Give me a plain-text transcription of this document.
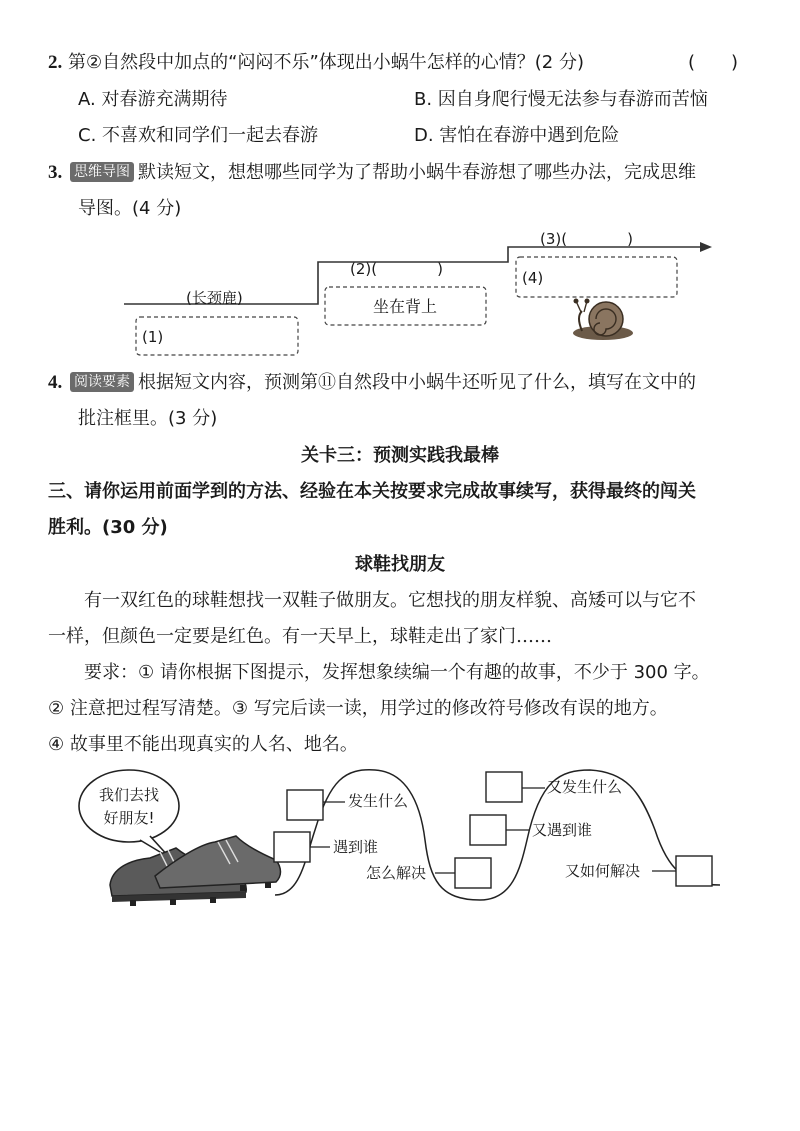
2. 第②自然段中加点的“闷闷不乐”体现出小蜗牛怎样的心情？(2 分)	(　　)
A. 对春游充满期待	B. 因自身爬行慢无法参与春游而苦恼
C. 不喜欢和同学们一起去春游	D. 害怕在春游中遇到危险
3. 思维导图 默读短文，想想哪些同学为了帮助小蜗牛春游想了哪些办法，完成思维
导图。(4 分)
(长颈鹿)
(1)
(2)(　　　　)
坐在背上
(3)(　　　　)
(4)
4. 阅读要素 根据短文内容，预测第⑪自然段中小蜗牛还听见了什么，填写在文中的
批注框里。(3 分)
关卡三：预测实践我最棒
三、请你运用前面学到的方法、经验在本关按要求完成故事续写，获得最终的闯关
胜利。(30 分)
球鞋找朋友
有一双红色的球鞋想找一双鞋子做朋友。它想找的朋友样貌、高矮可以与它不
一样，但颜色一定要是红色。有一天早上，球鞋走出了家门……
要求：① 请你根据下图提示，发挥想象续编一个有趣的故事，不少于 300 字。
② 注意把过程写清楚。③ 写完后读一读，用学过的修改符号修改有误的地方。
④ 故事里不能出现真实的人名、地名。
我们去找
好朋友!
发生什么
遇到谁
怎么解决
又发生什么
又遇到谁
又如何解决
